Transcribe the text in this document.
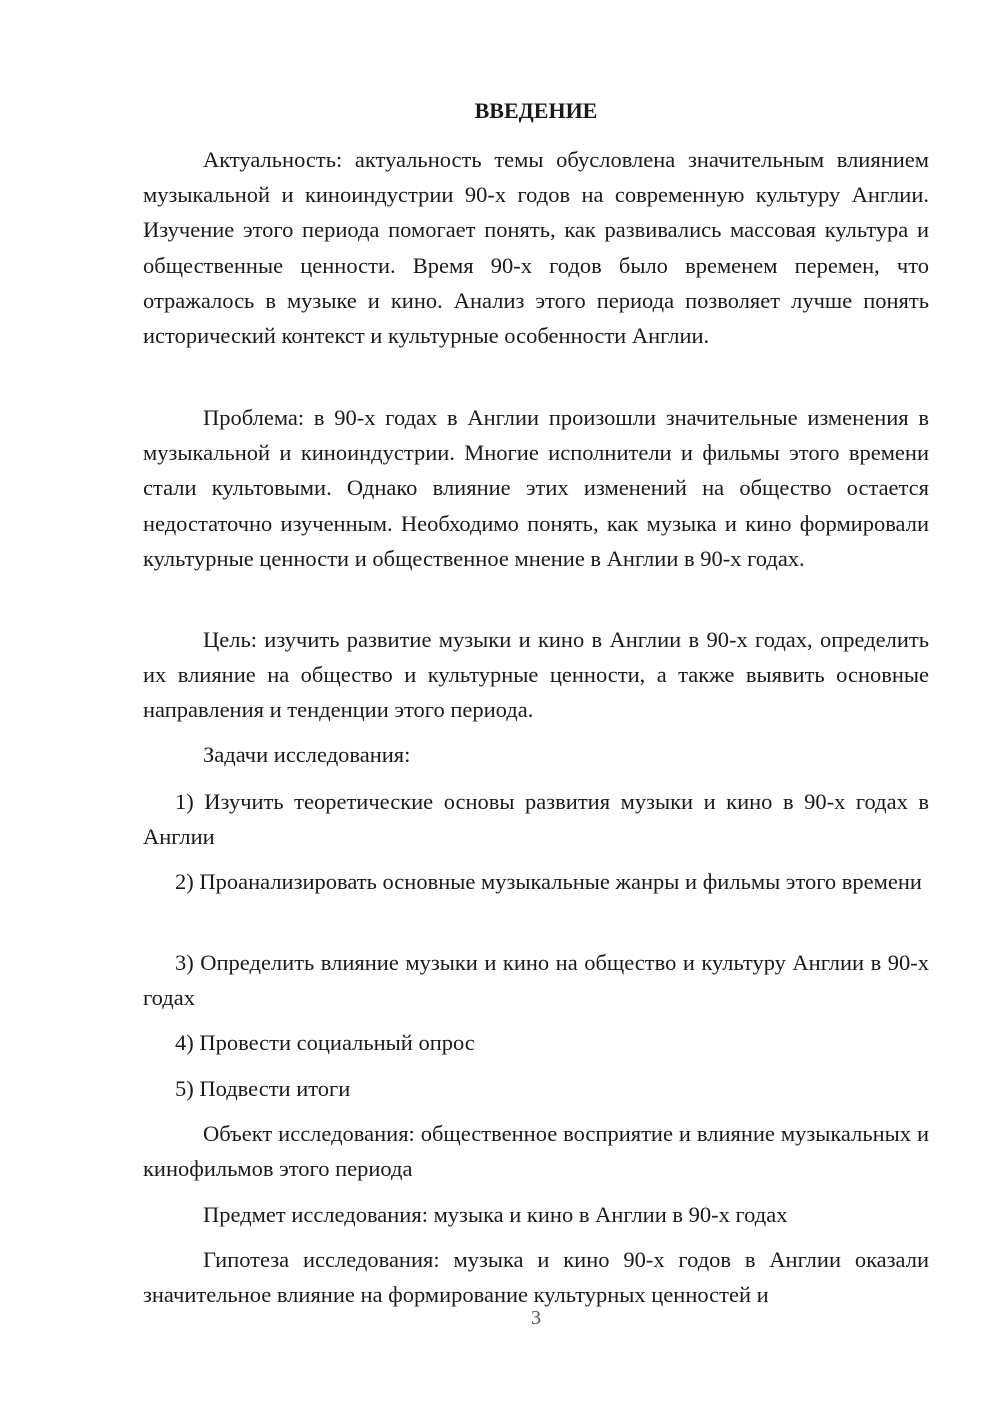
ВВЕДЕНИЕ

Актуальность: актуальность темы обусловлена значительным влиянием музыкальной и киноиндустрии 90-х годов на современную культуру Англии. Изучение этого периода помогает понять, как развивались массовая культура и общественные ценности. Время 90-х годов было временем перемен, что отражалось в музыке и кино. Анализ этого периода позволяет лучше понять исторический контекст и культурные особенности Англии.

Проблема: в 90-х годах в Англии произошли значительные изменения в музыкальной и киноиндустрии. Многие исполнители и фильмы этого времени стали культовыми. Однако влияние этих изменений на общество остается недостаточно изученным. Необходимо понять, как музыка и кино формировали культурные ценности и общественное мнение в Англии в 90-х годах.

Цель: изучить развитие музыки и кино в Англии в 90-х годах, определить их влияние на общество и культурные ценности, а также выявить основные направления и тенденции этого периода.

Задачи исследования:

1) Изучить теоретические основы развития музыки и кино в 90-х годах в Англии

2) Проанализировать основные музыкальные жанры и фильмы этого времени

3) Определить влияние музыки и кино на общество и культуру Англии в 90-х годах

4) Провести социальный опрос

5) Подвести итоги

Объект исследования: общественное восприятие и влияние музыкальных и кинофильмов этого периода

Предмет исследования: музыка и кино в Англии в 90-х годах

Гипотеза исследования: музыка и кино 90-х годов в Англии оказали значительное влияние на формирование культурных ценностей и

3
